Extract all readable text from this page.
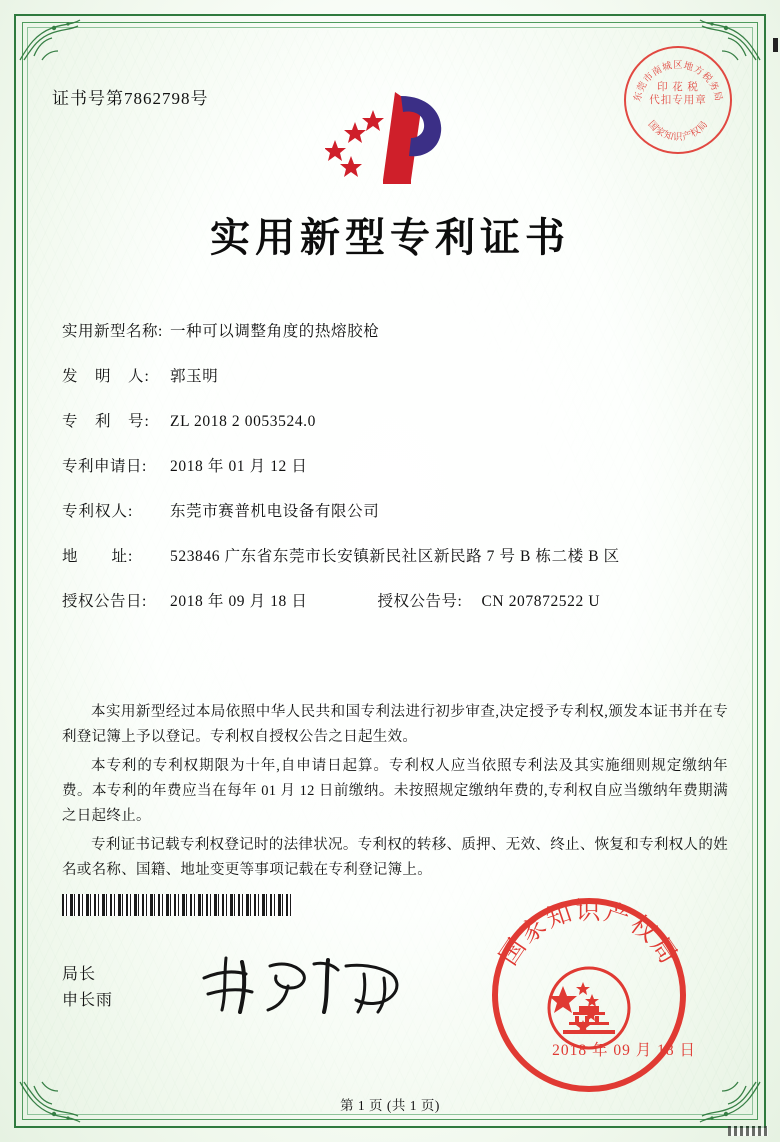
证书号第7862798号	东莞市南城区地方税务局
国家知识产权局
印 花 税
代扣专用章
实用新型专利证书
实用新型名称: 一种可以调整角度的热熔胶枪
发　明　人:	郭玉明
专　利　号:	ZL 2018 2 0053524.0
专利申请日:	2018 年 01 月 12 日
专利权人:	东莞市赛普机电设备有限公司
地　　址:	523846 广东省东莞市长安镇新民社区新民路 7 号 B 栋二楼 B 区
授权公告日:	2018 年 09 月 18 日	授权公告号:	CN 207872522 U

本实用新型经过本局依照中华人民共和国专利法进行初步审查,决定授予专利权,颁发本证书并在专利登记簿上予以登记。专利权自授权公告之日起生效。

本专利的专利权期限为十年,自申请日起算。专利权人应当依照专利法及其实施细则规定缴纳年费。本专利的年费应当在每年 01 月 12 日前缴纳。未按照规定缴纳年费的,专利权自应当缴纳年费期满之日起终止。

专利证书记载专利权登记时的法律状况。专利权的转移、质押、无效、终止、恢复和专利权人的姓名或名称、国籍、地址变更等事项记载在专利登记簿上。

局长
申长雨
国家知识产权局
2018 年 09 月 18 日
第 1 页 (共 1 页)
